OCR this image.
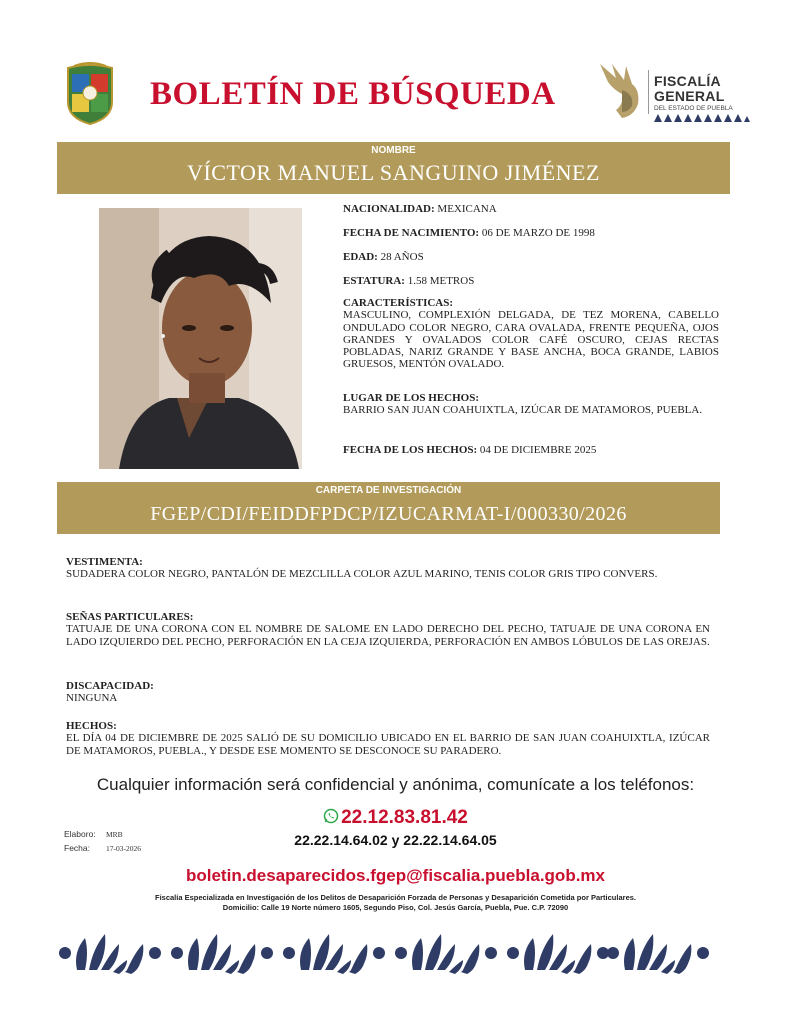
BOLETÍN DE BÚSQUEDA	FISCALÍA
GENERAL
DEL ESTADO DE PUEBLA
NOMBRE
VÍCTOR MANUEL SANGUINO JIMÉNEZ
NACIONALIDAD: MEXICANA
FECHA DE NACIMIENTO: 06 DE MARZO DE 1998
EDAD: 28 AÑOS
ESTATURA: 1.58 METROS
CARACTERÍSTICAS:
MASCULINO, COMPLEXIÓN DELGADA, DE TEZ MORENA, CABELLO ONDULADO COLOR NEGRO, CARA OVALADA, FRENTE PEQUEÑA, OJOS GRANDES Y OVALADOS COLOR CAFÉ OSCURO, CEJAS RECTAS POBLADAS, NARIZ GRANDE Y BASE ANCHA, BOCA GRANDE, LABIOS GRUESOS, MENTÓN OVALADO.
LUGAR DE LOS HECHOS:
BARRIO SAN JUAN COAHUIXTLA, IZÚCAR DE MATAMOROS, PUEBLA.
FECHA DE LOS HECHOS: 04 DE DICIEMBRE 2025
CARPETA DE INVESTIGACIÓN
FGEP/CDI/FEIDDFPDCP/IZUCARMAT-I/000330/2026
VESTIMENTA:
SUDADERA COLOR NEGRO, PANTALÓN DE MEZCLILLA COLOR AZUL MARINO, TENIS COLOR GRIS TIPO CONVERS.
SEÑAS PARTICULARES:
TATUAJE DE UNA CORONA CON EL NOMBRE DE SALOME EN LADO DERECHO DEL PECHO, TATUAJE DE UNA CORONA EN LADO IZQUIERDO DEL PECHO, PERFORACIÓN EN LA CEJA IZQUIERDA, PERFORACIÓN EN AMBOS LÓBULOS DE LAS OREJAS.
DISCAPACIDAD:
NINGUNA
HECHOS:
EL DÍA 04 DE DICIEMBRE DE 2025 SALIÓ DE SU DOMICILIO UBICADO EN EL BARRIO DE SAN JUAN COAHUIXTLA, IZÚCAR DE MATAMOROS, PUEBLA., Y DESDE ESE MOMENTO SE DESCONOCE SU PARADERO.
Cualquier información será confidencial y anónima, comunícate a los teléfonos:
22.12.83.81.42
22.22.14.64.02 y 22.22.14.64.05
Elaboro: MRB
Fecha: 17-03-2026
boletin.desaparecidos.fgep@fiscalia.puebla.gob.mx
Fiscalía Especializada en Investigación de los Delitos de Desaparición Forzada de Personas y Desaparición Cometida por Particulares.
Domicilio: Calle 19 Norte número 1605, Segundo Piso, Col. Jesús García, Puebla, Pue. C.P. 72090
